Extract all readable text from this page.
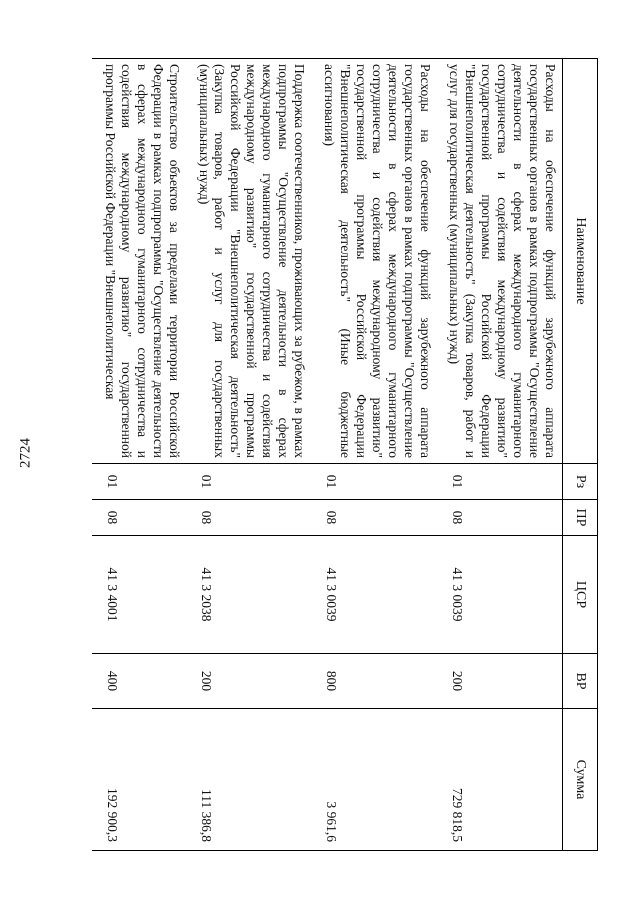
2724
Наименование	Рз	ПР	ЦСР	ВР	Сумма
Расходы на обеспечение функций зарубежного аппарата государственных органов в рамках подпрограммы "Осуществление деятельности в сферах международного гуманитарного сотрудничества и содействия международному развитию" государственной программы Российской Федерации "Внешнеполитическая деятельность" (Закупка товаров, работ и услуг для государственных (муниципальных) нужд)	01	08	41 3 0039	200	729 818,5
Расходы на обеспечение функций зарубежного аппарата государственных органов в рамках подпрограммы "Осуществление деятельности в сферах международного гуманитарного сотрудничества и содействия международному развитию" государственной программы Российской Федерации "Внешнеполитическая деятельность" (Иные бюджетные ассигнования)	01	08	41 3 0039	800	3 961,6
Поддержка соотечественников, проживающих за рубежом, в рамках подпрограммы "Осуществление деятельности в сферах международного гуманитарного сотрудничества и содействия международному развитию" государственной программы Российской Федерации "Внешнеполитическая деятельность" (Закупка товаров, работ и услуг для государственных (муниципальных) нужд)	01	08	41 3 2038	200	111 386,8
Строительство объектов за пределами территории Российской Федерации в рамках подпрограммы "Осуществление деятельности в сферах международного гуманитарного сотрудничества и содействия международному развитию" государственной программы Российской Федерации "Внешнеполитическая	01	08	41 3 4001	400	192 900,3
